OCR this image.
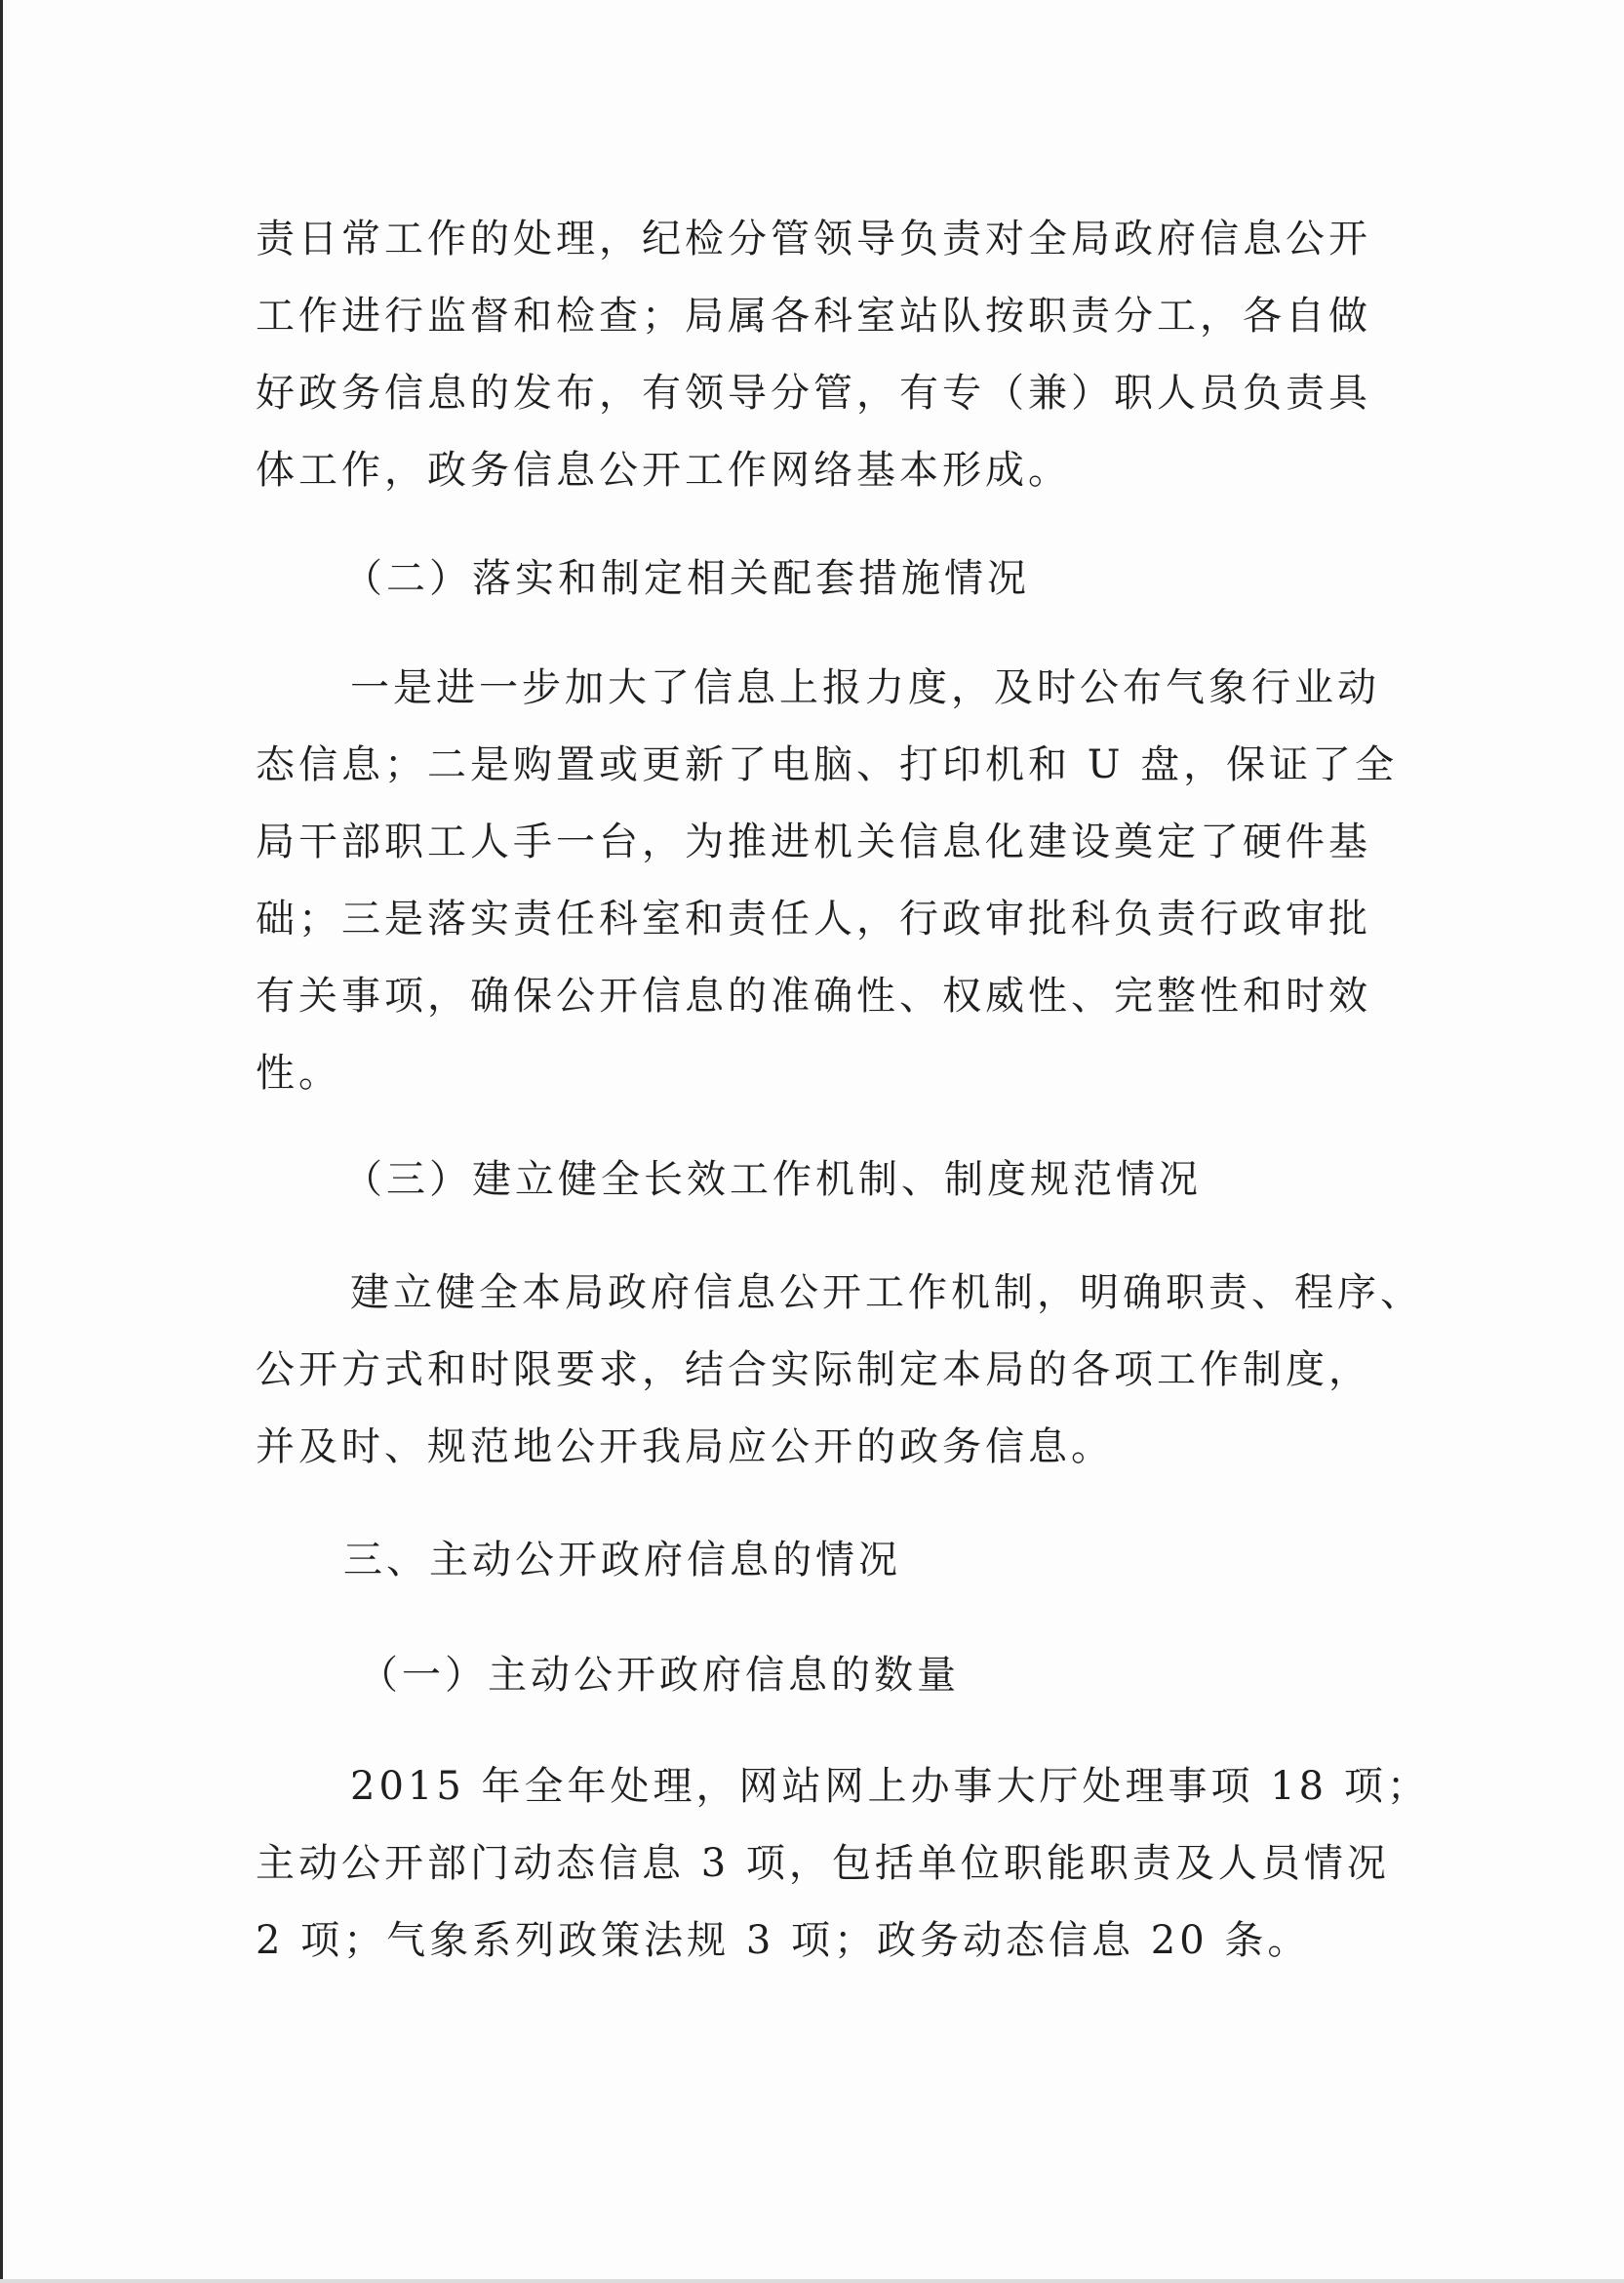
责日常工作的处理，纪检分管领导负责对全局政府信息公开
工作进行监督和检查；局属各科室站队按职责分工，各自做
好政务信息的发布，有领导分管，有专（兼）职人员负责具
体工作，政务信息公开工作网络基本形成。
（二）落实和制定相关配套措施情况
一是进一步加大了信息上报力度，及时公布气象行业动
态信息；二是购置或更新了电脑、打印机和 U 盘，保证了全
局干部职工人手一台，为推进机关信息化建设奠定了硬件基
础；三是落实责任科室和责任人，行政审批科负责行政审批
有关事项，确保公开信息的准确性、权威性、完整性和时效
性。
（三）建立健全长效工作机制、制度规范情况
建立健全本局政府信息公开工作机制，明确职责、程序、
公开方式和时限要求，结合实际制定本局的各项工作制度，
并及时、规范地公开我局应公开的政务信息。
三、主动公开政府信息的情况
（一）主动公开政府信息的数量
2015 年全年处理，网站网上办事大厅处理事项 18 项；
主动公开部门动态信息 3 项，包括单位职能职责及人员情况
2 项；气象系列政策法规 3 项；政务动态信息 20 条。
